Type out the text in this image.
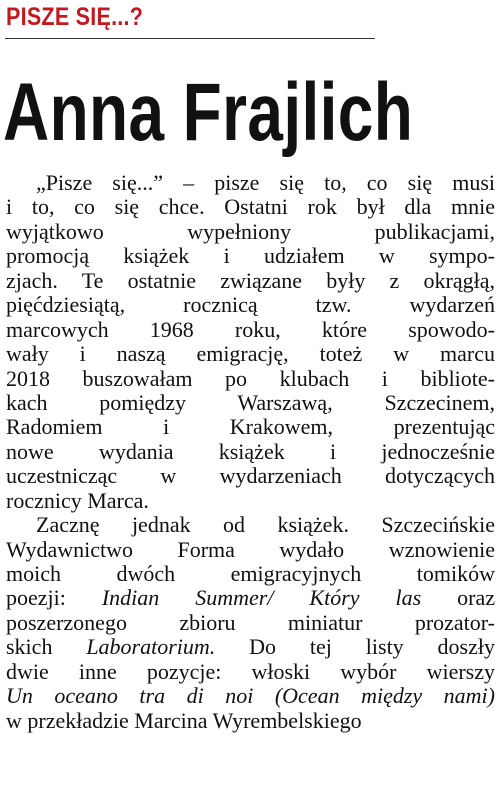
PISZE SIĘ...?
Anna Frajlich
„Pisze się...” – pisze się to, co się musi
i to, co się chce. Ostatni rok był dla mnie
wyjątkowo wypełniony publikacjami,
promocją książek i udziałem w sympo-
zjach. Te ostatnie związane były z okrągłą,
pięćdziesiątą, rocznicą tzw. wydarzeń
marcowych 1968 roku, które spowodo-
wały i naszą emigrację, toteż w marcu
2018 buszowałam po klubach i bibliote-
kach pomiędzy Warszawą, Szczecinem,
Radomiem i Krakowem, prezentując
nowe wydania książek i jednocześnie
uczestnicząc w wydarzeniach dotyczących
rocznicy Marca.
Zacznę jednak od książek. Szczecińskie
Wydawnictwo Forma wydało wznowienie
moich dwóch emigracyjnych tomików
poezji: Indian Summer/ Który las oraz
poszerzonego zbioru miniatur prozator-
skich Laboratorium. Do tej listy doszły
dwie inne pozycje: włoski wybór wierszy
Un oceano tra di noi (Ocean między nami)
w przekładzie Marcina Wyrembelskiego
